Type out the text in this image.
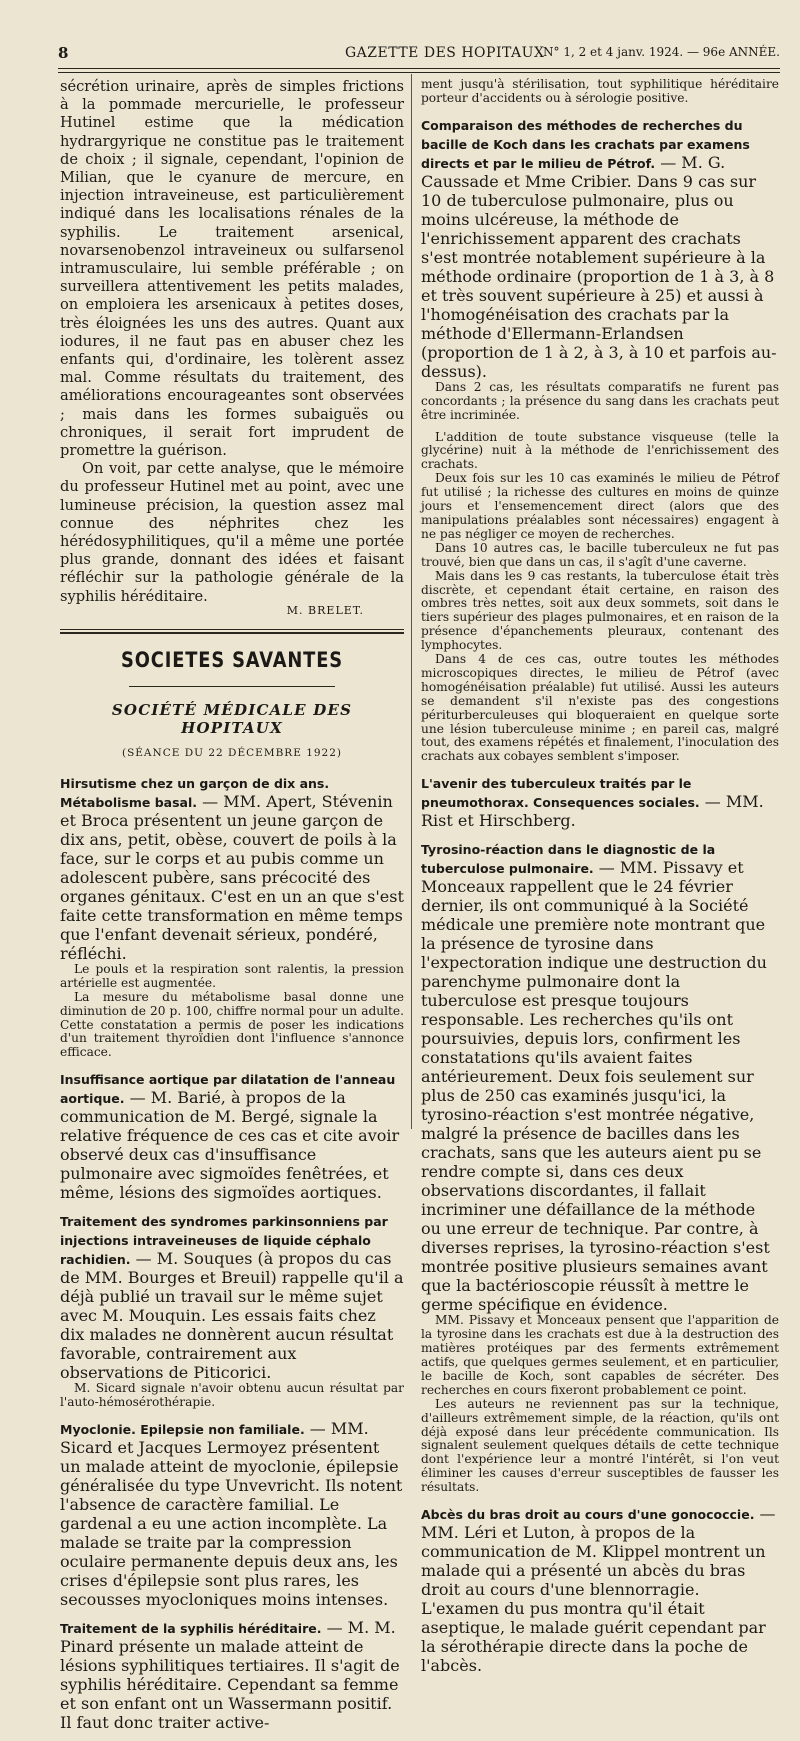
8	GAZETTE DES HOPITAUX
N° 1, 2 et 4 janv. 1924. — 96e ANNÉE.

sécrétion urinaire, après de simples frictions à la pommade mercurielle, le professeur Hutinel estime que la médication hydrargyrique ne constitue pas le traitement de choix ; il signale, cependant, l'opinion de Milian, que le cyanure de mercure, en injection intraveineuse, est particulièrement indiqué dans les localisations rénales de la syphilis. Le traitement arsenical, novarsenobenzol intraveineux ou sulfarsenol intramusculaire, lui semble préférable ; on surveillera attentivement les petits malades, on emploiera les arsenicaux à petites doses, très éloignées les uns des autres. Quant aux iodures, il ne faut pas en abuser chez les enfants qui, d'ordinaire, les tolèrent assez mal. Comme résultats du traitement, des améliorations encourageantes sont observées ; mais dans les formes subaiguës ou chroniques, il serait fort imprudent de promettre la guérison.

On voit, par cette analyse, que le mémoire du professeur Hutinel met au point, avec une lumineuse précision, la question assez mal connue des néphrites chez les hérédosyphilitiques, qu'il a même une portée plus grande, donnant des idées et faisant réfléchir sur la pathologie générale de la syphilis héréditaire.

M. BRELET.
SOCIETES SAVANTES
SOCIÉTÉ MÉDICALE DES HOPITAUX
(SÉANCE DU 22 DÉCEMBRE 1922)

Hirsutisme chez un garçon de dix ans. Métabolisme basal. — MM. Apert, Stévenin et Broca présentent un jeune garçon de dix ans, petit, obèse, couvert de poils à la face, sur le corps et au pubis comme un adolescent pubère, sans précocité des organes génitaux. C'est en un an que s'est faite cette transformation en même temps que l'enfant devenait sérieux, pondéré, réfléchi.

Le pouls et la respiration sont ralentis, la pression artérielle est augmentée.

La mesure du métabolisme basal donne une diminution de 20 p. 100, chiffre normal pour un adulte. Cette constatation a permis de poser les indications d'un traitement thyroïdien dont l'influence s'annonce efficace.

Insuffisance aortique par dilatation de l'anneau aortique. — M. Barié, à propos de la communication de M. Bergé, signale la relative fréquence de ces cas et cite avoir observé deux cas d'insuffisance pulmonaire avec sigmoïdes fenêtrées, et même, lésions des sigmoïdes aortiques.

Traitement des syndromes parkinsonniens par injections intraveineuses de liquide céphalo rachidien. — M. Souques (à propos du cas de MM. Bourges et Breuil) rappelle qu'il a déjà publié un travail sur le même sujet avec M. Mouquin. Les essais faits chez dix malades ne donnèrent aucun résultat favorable, contrairement aux observations de Piticorici.

M. Sicard signale n'avoir obtenu aucun résultat par l'auto-hémosérothérapie.

Myoclonie. Epilepsie non familiale. — MM. Sicard et Jacques Lermoyez présentent un malade atteint de myoclonie, épilepsie généralisée du type Unvevricht. Ils notent l'absence de caractère familial. Le gardenal a eu une action incomplète. La malade se traite par la compression oculaire permanente depuis deux ans, les crises d'épilepsie sont plus rares, les secousses myocloniques moins intenses.

Traitement de la syphilis héréditaire. — M. M. Pinard présente un malade atteint de lésions syphilitiques tertiaires. Il s'agit de syphilis héréditaire. Cependant sa femme et son enfant ont un Wassermann positif. Il faut donc traiter active-

ment jusqu'à stérilisation, tout syphilitique héréditaire porteur d'accidents ou à sérologie positive.

Comparaison des méthodes de recherches du bacille de Koch dans les crachats par examens directs et par le milieu de Pétrof. — M. G. Caussade et Mme Cribier. Dans 9 cas sur 10 de tuberculose pulmonaire, plus ou moins ulcéreuse, la méthode de l'enrichissement apparent des crachats s'est montrée notablement supérieure à la méthode ordinaire (proportion de 1 à 3, à 8 et très souvent supérieure à 25) et aussi à l'homogénéisation des crachats par la méthode d'Ellermann-Erlandsen (proportion de 1 à 2, à 3, à 10 et parfois au-dessus).

Dans 2 cas, les résultats comparatifs ne furent pas concordants ; la présence du sang dans les crachats peut être incriminée.

L'addition de toute substance visqueuse (telle la glycérine) nuit à la méthode de l'enrichissement des crachats.

Deux fois sur les 10 cas examinés le milieu de Pétrof fut utilisé ; la richesse des cultures en moins de quinze jours et l'ensemencement direct (alors que des manipulations préalables sont nécessaires) engagent à ne pas négliger ce moyen de recherches.

Dans 10 autres cas, le bacille tuberculeux ne fut pas trouvé, bien que dans un cas, il s'agît d'une caverne.

Mais dans les 9 cas restants, la tuberculose était très discrète, et cependant était certaine, en raison des ombres très nettes, soit aux deux sommets, soit dans le tiers supérieur des plages pulmonaires, et en raison de la présence d'épanchements pleuraux, contenant des lymphocytes.

Dans 4 de ces cas, outre toutes les méthodes microscopiques directes, le milieu de Pétrof (avec homogénéisation préalable) fut utilisé. Aussi les auteurs se demandent s'il n'existe pas des congestions périturberculeuses qui bloqueraient en quelque sorte une lésion tuberculeuse minime ; en pareil cas, malgré tout, des examens répétés et finalement, l'inoculation des crachats aux cobayes semblent s'imposer.

L'avenir des tuberculeux traités par le pneumothorax. Consequences sociales. — MM. Rist et Hirschberg.

Tyrosino-réaction dans le diagnostic de la tuberculose pulmonaire. — MM. Pissavy et Monceaux rappellent que le 24 février dernier, ils ont communiqué à la Société médicale une première note montrant que la présence de tyrosine dans l'expectoration indique une destruction du parenchyme pulmonaire dont la tuberculose est presque toujours responsable. Les recherches qu'ils ont poursuivies, depuis lors, confirment les constatations qu'ils avaient faites antérieurement. Deux fois seulement sur plus de 250 cas examinés jusqu'ici, la tyrosino-réaction s'est montrée négative, malgré la présence de bacilles dans les crachats, sans que les auteurs aient pu se rendre compte si, dans ces deux observations discordantes, il fallait incriminer une défaillance de la méthode ou une erreur de technique. Par contre, à diverses reprises, la tyrosino-réaction s'est montrée positive plusieurs semaines avant que la bactérioscopie réussît à mettre le germe spécifique en évidence.

MM. Pissavy et Monceaux pensent que l'apparition de la tyrosine dans les crachats est due à la destruction des matières protéiques par des ferments extrêmement actifs, que quelques germes seulement, et en particulier, le bacille de Koch, sont capables de sécréter. Des recherches en cours fixeront probablement ce point.

Les auteurs ne reviennent pas sur la technique, d'ailleurs extrêmement simple, de la réaction, qu'ils ont déjà exposé dans leur précédente communication. Ils signalent seulement quelques détails de cette technique dont l'expérience leur a montré l'intérêt, si l'on veut éliminer les causes d'erreur susceptibles de fausser les résultats.

Abcès du bras droit au cours d'une gonococcie. — MM. Léri et Luton, à propos de la communication de M. Klippel montrent un malade qui a présenté un abcès du bras droit au cours d'une blennorragie. L'examen du pus montra qu'il était aseptique, le malade guérit cependant par la sérothérapie directe dans la poche de l'abcès.
